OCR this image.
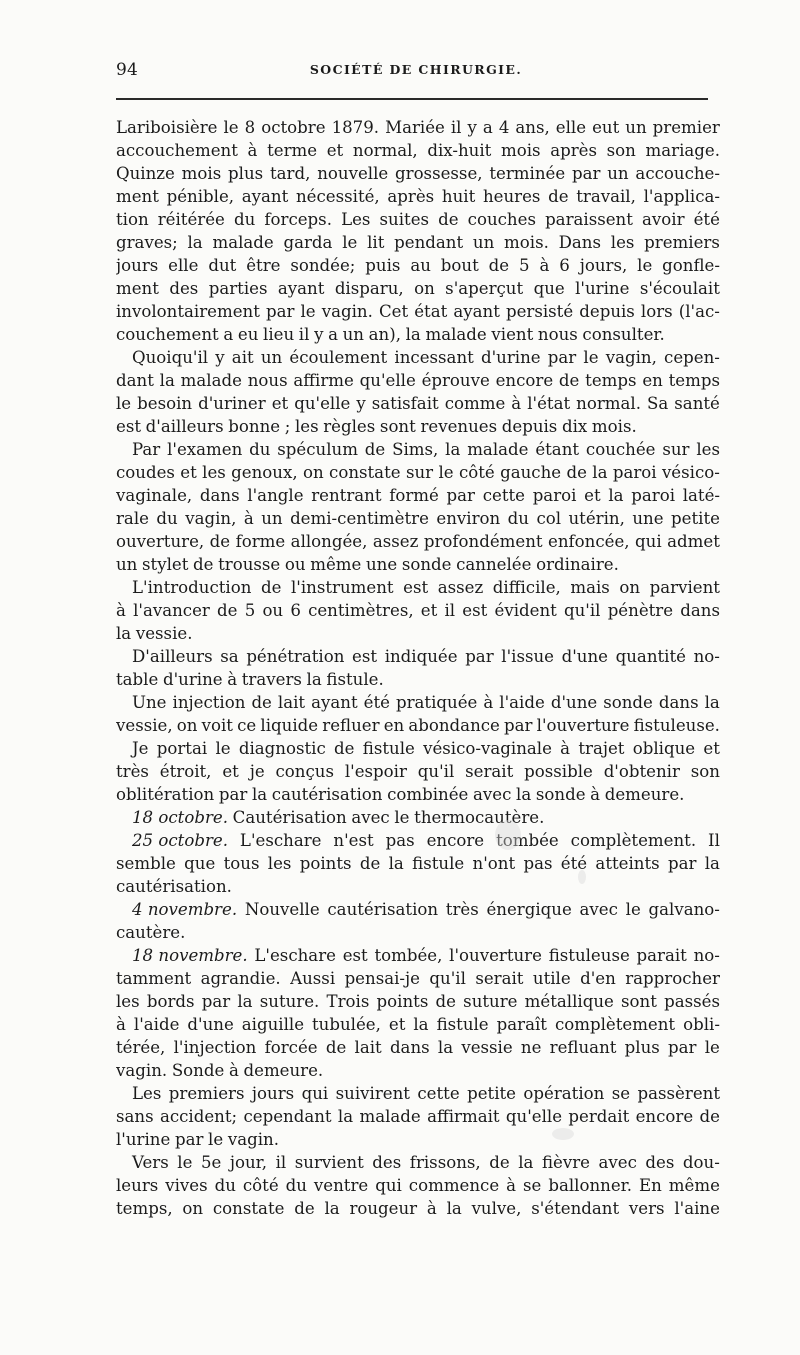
94	SOCIÉTÉ DE CHIRURGIE.
Lariboisière le 8 octobre 1879. Mariée il y a 4 ans, elle eut un premier
accouchement à terme et normal, dix-huit mois après son mariage.
Quinze mois plus tard, nouvelle grossesse, terminée par un accouche-
ment pénible, ayant nécessité, après huit heures de travail, l'applica-
tion réitérée du forceps. Les suites de couches paraissent avoir été
graves; la malade garda le lit pendant un mois. Dans les premiers
jours elle dut être sondée; puis au bout de 5 à 6 jours, le gonfle-
ment des parties ayant disparu, on s'aperçut que l'urine s'écoulait
involontairement par le vagin. Cet état ayant persisté depuis lors (l'ac-
couchement a eu lieu il y a un an), la malade vient nous consulter.
Quoiqu'il y ait un écoulement incessant d'urine par le vagin, cepen-
dant la malade nous affirme qu'elle éprouve encore de temps en temps
le besoin d'uriner et qu'elle y satisfait comme à l'état normal. Sa santé
est d'ailleurs bonne ; les règles sont revenues depuis dix mois.
Par l'examen du spéculum de Sims, la malade étant couchée sur les
coudes et les genoux, on constate sur le côté gauche de la paroi vésico-
vaginale, dans l'angle rentrant formé par cette paroi et la paroi laté-
rale du vagin, à un demi-centimètre environ du col utérin, une petite
ouverture, de forme allongée, assez profondément enfoncée, qui admet
un stylet de trousse ou même une sonde cannelée ordinaire.
L'introduction de l'instrument est assez difficile, mais on parvient
à l'avancer de 5 ou 6 centimètres, et il est évident qu'il pénètre dans
la vessie.
D'ailleurs sa pénétration est indiquée par l'issue d'une quantité no-
table d'urine à travers la fistule.
Une injection de lait ayant été pratiquée à l'aide d'une sonde dans la
vessie, on voit ce liquide refluer en abondance par l'ouverture fistuleuse.
Je portai le diagnostic de fistule vésico-vaginale à trajet oblique et
très étroit, et je conçus l'espoir qu'il serait possible d'obtenir son
oblitération par la cautérisation combinée avec la sonde à demeure.
18 octobre. Cautérisation avec le thermocautère.
25 octobre. L'eschare n'est pas encore tombée complètement. Il
semble que tous les points de la fistule n'ont pas été atteints par la
cautérisation.
4 novembre. Nouvelle cautérisation très énergique avec le galvano-
cautère.
18 novembre. L'eschare est tombée, l'ouverture fistuleuse parait no-
tamment agrandie. Aussi pensai-je qu'il serait utile d'en rapprocher
les bords par la suture. Trois points de suture métallique sont passés
à l'aide d'une aiguille tubulée, et la fistule paraît complètement obli-
térée, l'injection forcée de lait dans la vessie ne refluant plus par le
vagin. Sonde à demeure.
Les premiers jours qui suivirent cette petite opération se passèrent
sans accident; cependant la malade affirmait qu'elle perdait encore de
l'urine par le vagin.
Vers le 5e jour, il survient des frissons, de la fièvre avec des dou-
leurs vives du côté du ventre qui commence à se ballonner. En même
temps, on constate de la rougeur à la vulve, s'étendant vers l'aine
